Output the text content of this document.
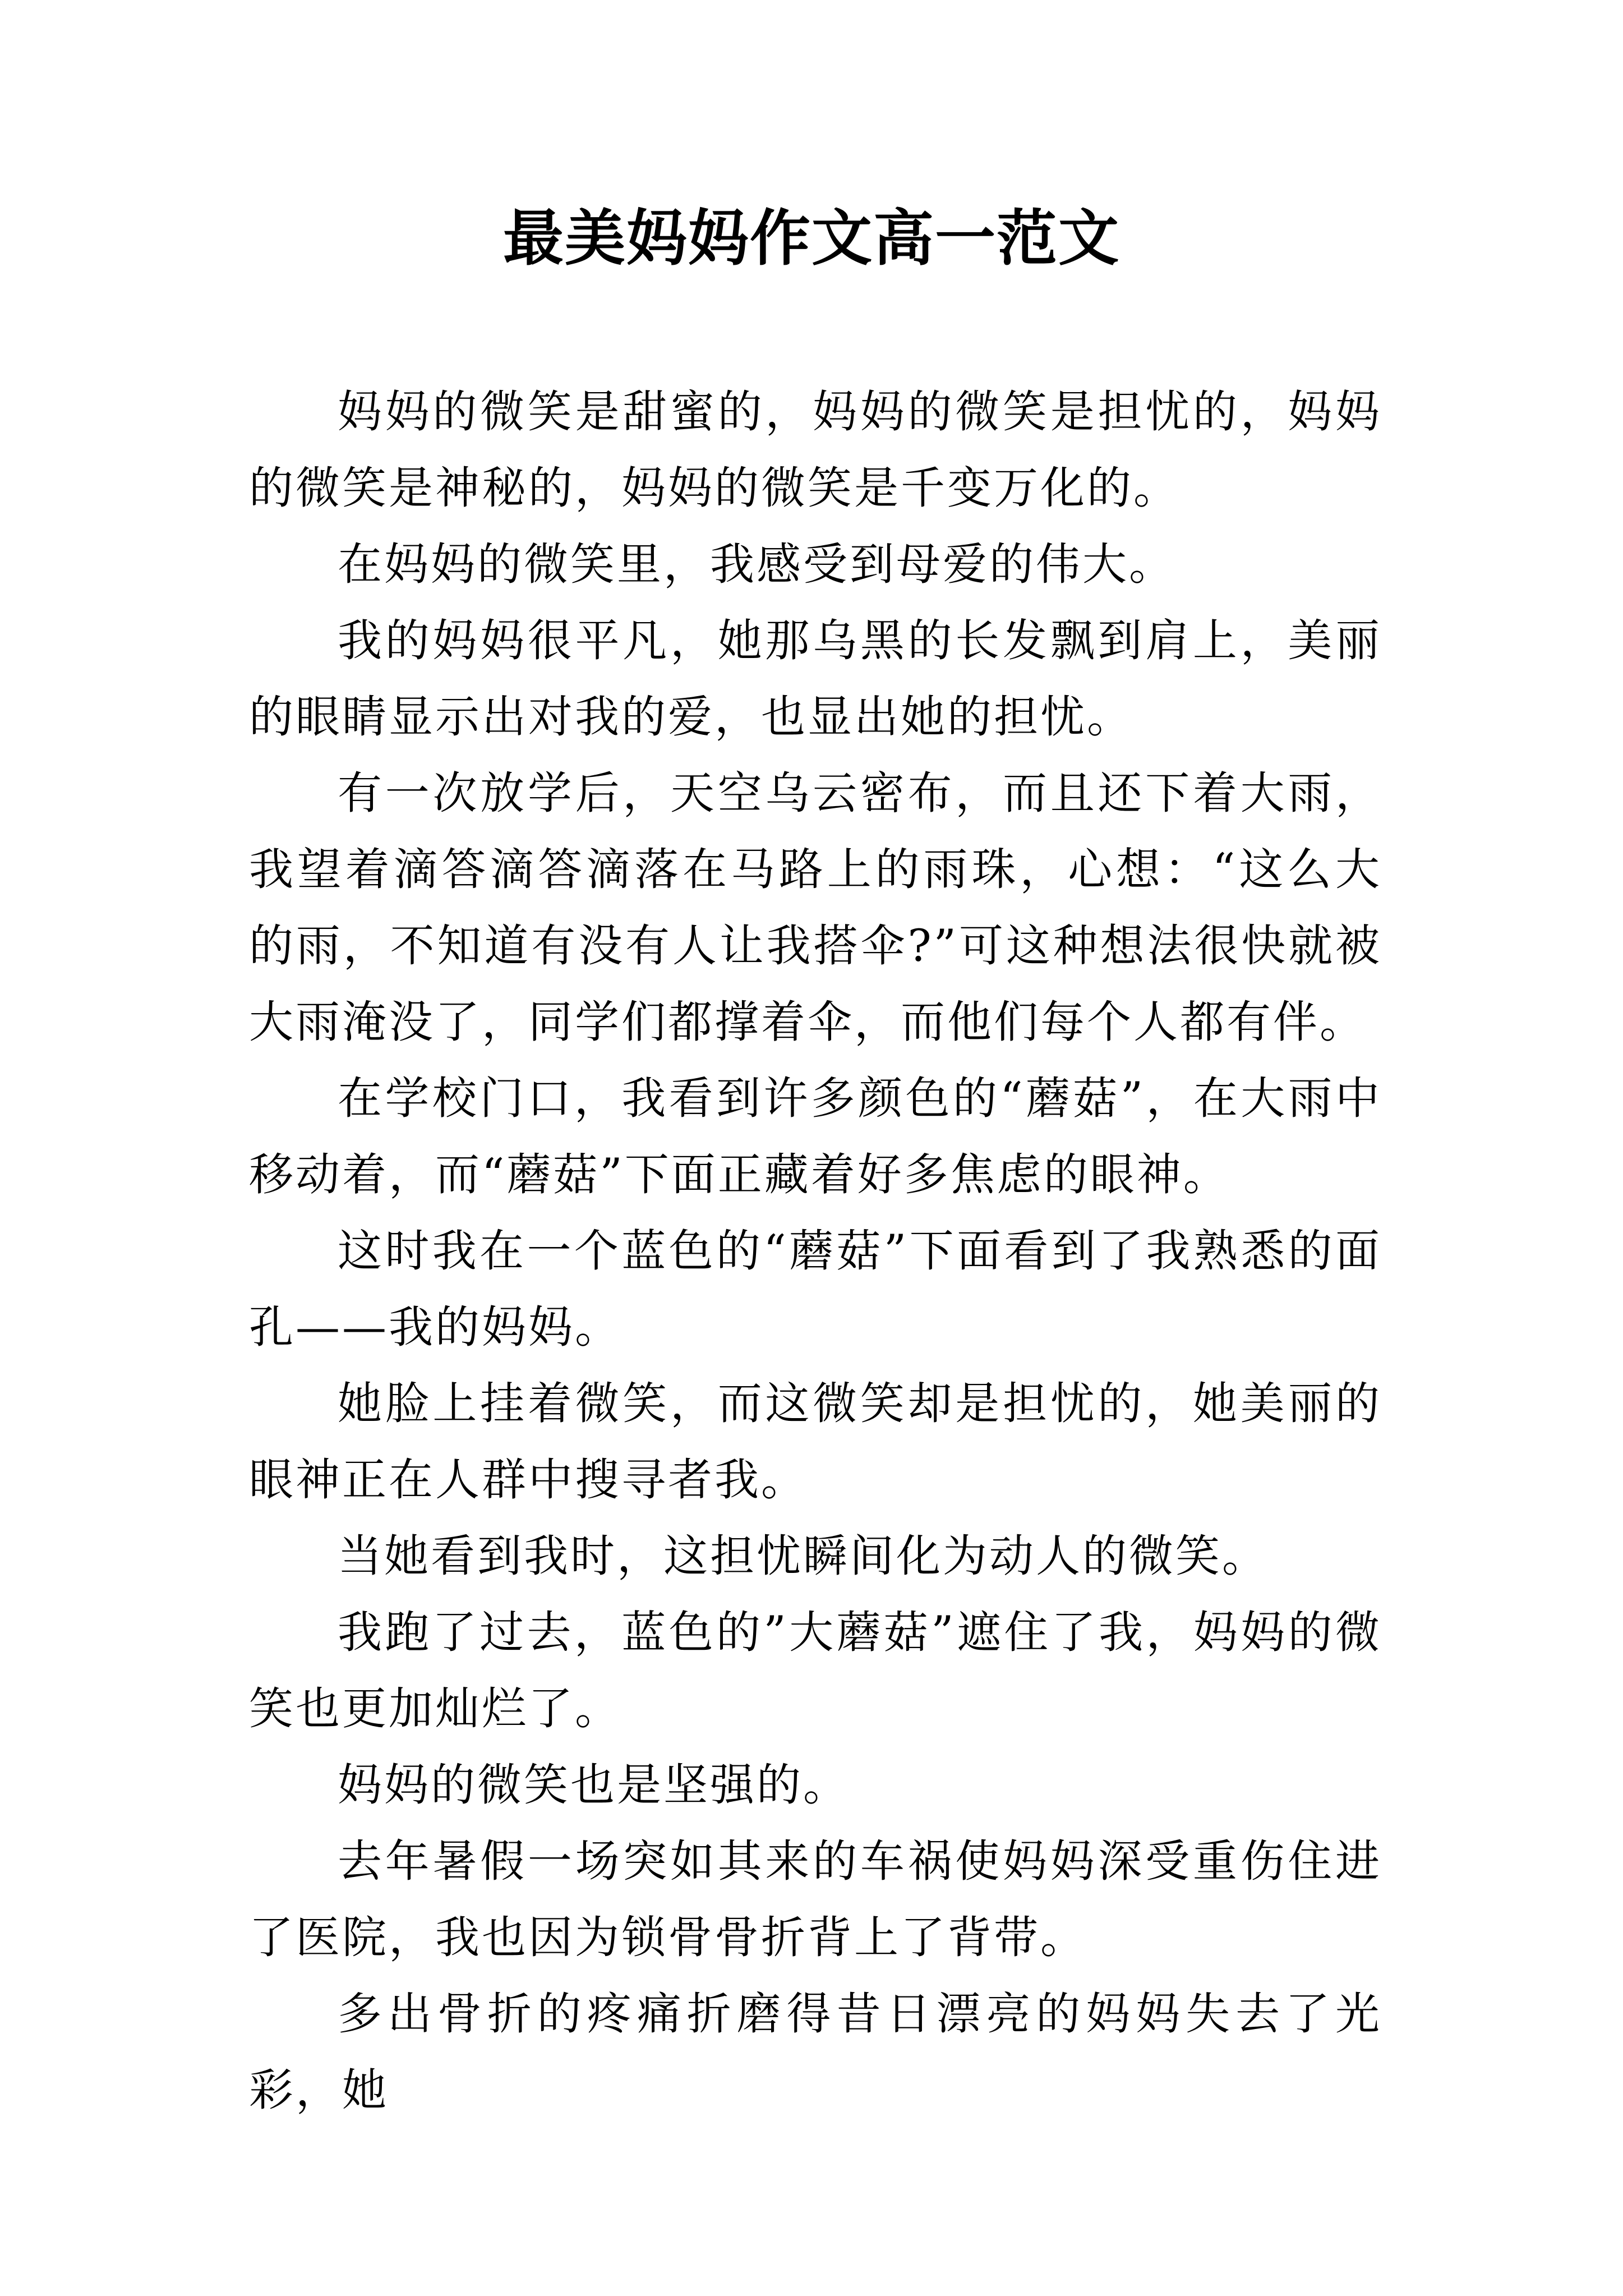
最美妈妈作文高一范文

妈妈的微笑是甜蜜的，妈妈的微笑是担忧的，妈妈的微笑是神秘的，妈妈的微笑是千变万化的。

在妈妈的微笑里，我感受到母爱的伟大。

我的妈妈很平凡，她那乌黑的长发飘到肩上，美丽的眼睛显示出对我的爱，也显出她的担忧。

有一次放学后，天空乌云密布，而且还下着大雨，我望着滴答滴答滴落在马路上的雨珠，心想：“这么大的雨，不知道有没有人让我搭伞?”可这种想法很快就被大雨淹没了，同学们都撑着伞，而他们每个人都有伴。

在学校门口，我看到许多颜色的“蘑菇”，在大雨中移动着，而“蘑菇”下面正藏着好多焦虑的眼神。

这时我在一个蓝色的“蘑菇”下面看到了我熟悉的面孔——我的妈妈。

她脸上挂着微笑，而这微笑却是担忧的，她美丽的眼神正在人群中搜寻者我。

当她看到我时，这担忧瞬间化为动人的微笑。

我跑了过去，蓝色的”大蘑菇”遮住了我，妈妈的微笑也更加灿烂了。

妈妈的微笑也是坚强的。

去年暑假一场突如其来的车祸使妈妈深受重伤住进了医院，我也因为锁骨骨折背上了背带。

多出骨折的疼痛折磨得昔日漂亮的妈妈失去了光彩，她
